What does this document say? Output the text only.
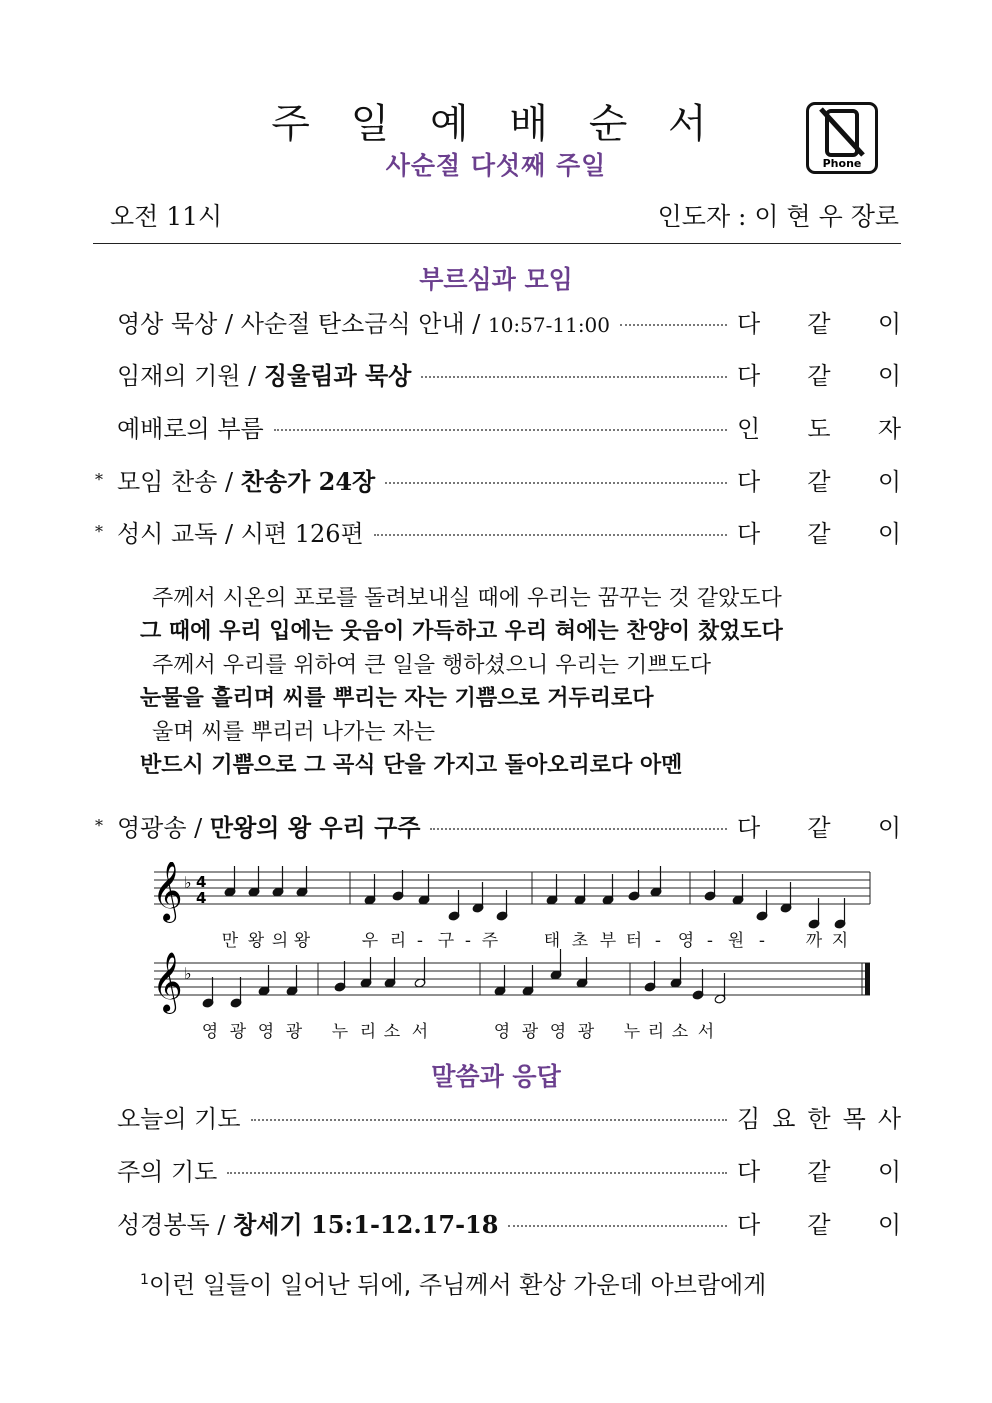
주 일 예 배 순 서
사순절 다섯째 주일	Phone
오전 11시	인도자 : 이 현 우 장로
부르심과 모임
영상 묵상 / 사순절 탄소금식 안내 / 10:57-11:00	다 같 이
임재의 기원 / 징울림과 묵상	다 같 이
예배로의 부름	인 도 자
* 모임 찬송 / 찬송가 24장	다 같 이
* 성시 교독 / 시편 126편	다 같 이
주께서 시온의 포로를 돌려보내실 때에 우리는 꿈꾸는 것 같았도다
그 때에 우리 입에는 웃음이 가득하고 우리 혀에는 찬양이 찼었도다
주께서 우리를 위하여 큰 일을 행하셨으니 우리는 기쁘도다
눈물을 흘리며 씨를 뿌리는 자는 기쁨으로 거두리로다
울며 씨를 뿌리러 나가는 자는
반드시 기쁨으로 그 곡식 단을 가지고 돌아오리로다 아멘
* 영광송 / 만왕의 왕 우리 구주	다 같 이
𝄞
𝄞
♭
♭
4
4
만 왕 의 왕	우 리 - 구 - 주	태 초 부 터 - 영 - 원 - 까 지
영 광 영 광 누 리 소 서	영 광 영 광 누 리 소 서
말씀과 응답
오늘의 기도	김 요 한 목 사
주의 기도	다 같 이
성경봉독 / 창세기 15:1-12.17-18	다 같 이
$^1$이런 일들이 일어난 뒤에, 주님께서 환상 가운데 아브람에게
